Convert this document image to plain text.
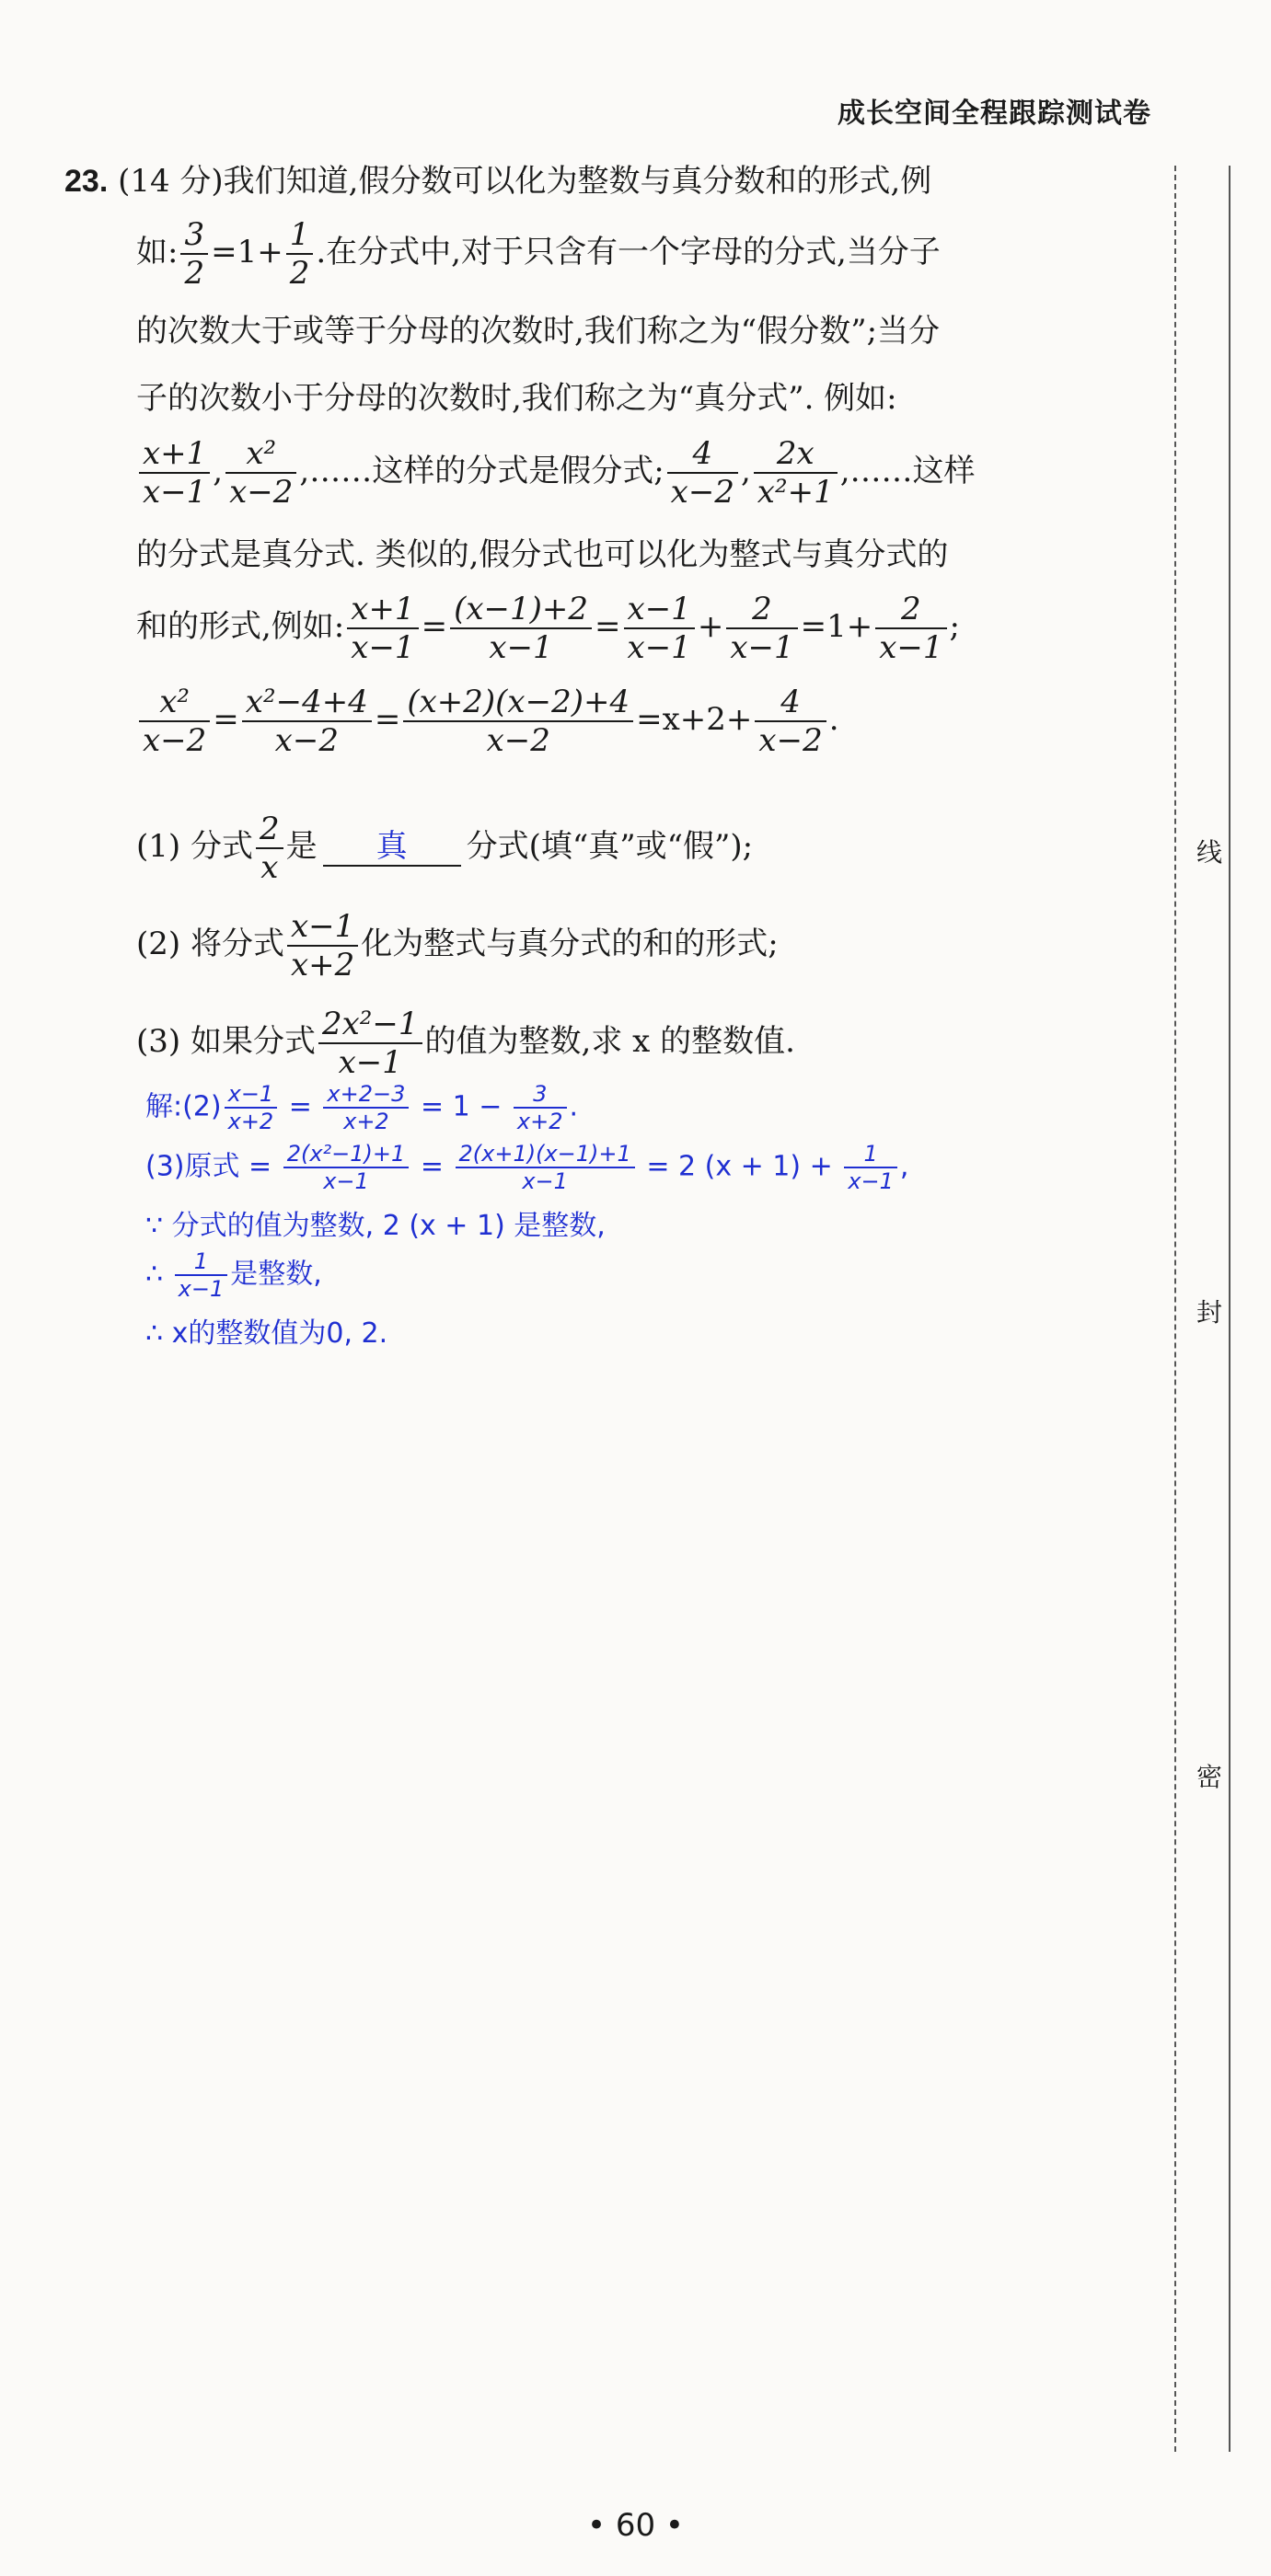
成长空间全程跟踪测试卷
线
封
密
23. (14 分)我们知道,假分数可以化为整数与真分数和的形式,例
如: $\frac{3}{2} =1+ \frac{1}{2}$ .在分式中,对于只含有一个字母的分式,当分子
的次数大于或等于分母的次数时,我们称之为“假分数”;当分
子的次数小于分母的次数时,我们称之为“真分式”. 例如:
$\frac{x+1}{x-1}$ , $\frac{\text{x²}}{x-2}$ ,……这样的分式是假分式; $\frac{4}{x-2}$ , $\frac{2x}{\text{x²+1}}$ ,……这样
的分式是真分式. 类似的,假分式也可以化为整式与真分式的
和的形式,例如: $\frac{x+1}{x-1} = \frac{(x-1)+2}{x-1} = \frac{x-1}{x-1} + \frac{2}{x-1} =1+ \frac{2}{x-1}$ ;
$\frac{\text{x²}}{x-2} = \frac{\text{x²−4+4}}{x-2} = \frac{(x+2)(x-2)+4}{x-2} =x+2+ \frac{4}{x-2}$ .
(1) 分式 $\frac{2}{x}$ 是 真 分式(填“真”或“假”);
(2) 将分式 $\frac{x-1}{x+2}$ 化为整式与真分式的和的形式;
(3) 如果分式 $\frac{\text{2x²−1}}{x-1}$ 的值为整数,求 x 的整数值.
解:(2) $\frac{x-1}{x+2} = \frac{x+2-3}{x+2} = 1 - \frac{3}{x+2}$ .
(3)原式 = $\frac{\text{2(x²−1)+1}}{x-1} = \frac{2(x+1)(x-1)+1}{x-1} = 2$ $(x + 1) + \frac{1}{x-1}$ ,
∵ 分式的值为整数, 2 (x + 1) 是整数,
∴ $\frac{1}{x-1}$ 是整数,
∴ x的整数值为0, 2.
• 60 •
